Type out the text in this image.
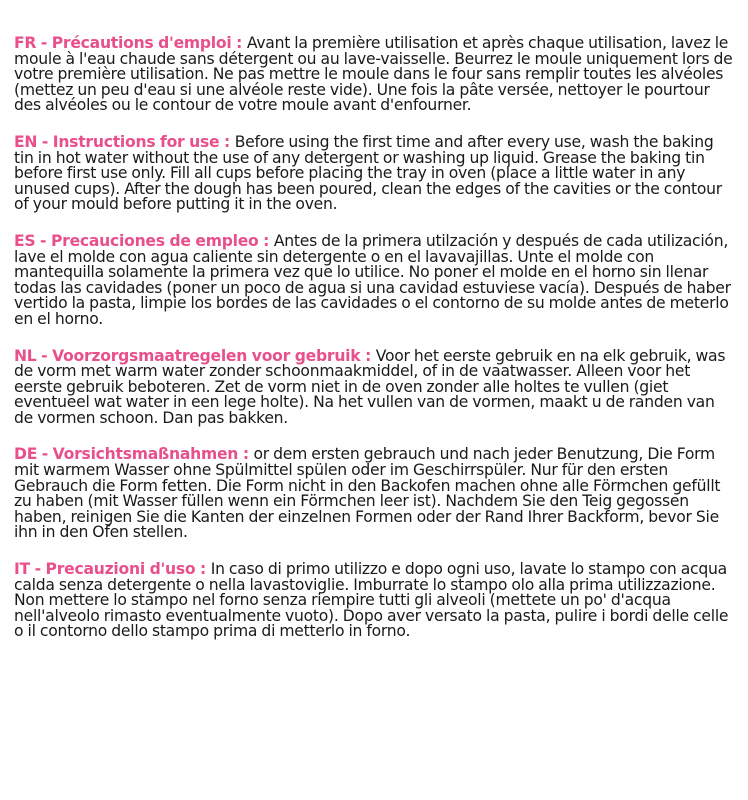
FR - Précautions d'emploi : Avant la première utilisation et après chaque utilisation, lavez le moule à l'eau chaude sans détergent ou au lave-vaisselle. Beurrez le moule uniquement lors de votre première utilisation. Ne pas mettre le moule dans le four sans remplir toutes les alvéoles (mettez un peu d'eau si une alvéole reste vide). Une fois la pâte versée, nettoyer le pourtour des alvéoles ou le contour de votre moule avant d'enfourner.

EN - Instructions for use : Before using the first time and after every use, wash the baking tin in hot water without the use of any detergent or washing up liquid. Grease the baking tin before first use only. Fill all cups before placing the tray in oven (place a little water in any unused cups). After the dough has been poured, clean the edges of the cavities or the contour of your mould before putting it in the oven.

ES - Precauciones de empleo : Antes de la primera utilzación y después de cada utilización, lave el molde con agua caliente sin detergente o en el lavavajillas. Unte el molde con mantequilla solamente la primera vez que lo utilice. No poner el molde en el horno sin llenar todas las cavidades (poner un poco de agua si una cavidad estuviese vacía). Después de haber vertido la pasta, limpie los bordes de las cavidades o el contorno de su molde antes de meterlo en el horno.

NL - Voorzorgsmaatregelen voor gebruik : Voor het eerste gebruik en na elk gebruik, was de vorm met warm water zonder schoonmaakmiddel, of in de vaatwasser. Alleen voor het eerste gebruik beboteren. Zet de vorm niet in de oven zonder alle holtes te vullen (giet eventueel wat water in een lege holte). Na het vullen van de vormen, maakt u de randen van de vormen schoon. Dan pas bakken.

DE - Vorsichtsmaßnahmen : or dem ersten gebrauch und nach jeder Benutzung, Die Form mit warmem Wasser ohne Spülmittel spülen oder im Geschirrspüler. Nur für den ersten Gebrauch die Form fetten. Die Form nicht in den Backofen machen ohne alle Förmchen gefüllt zu haben (mit Wasser füllen wenn ein Förmchen leer ist). Nachdem Sie den Teig gegossen haben, reinigen Sie die Kanten der einzelnen Formen oder der Rand Ihrer Backform, bevor Sie ihn in den Ofen stellen.

IT - Precauzioni d'uso : In caso di primo utilizzo e dopo ogni uso, lavate lo stampo con acqua calda senza detergente o nella lavastoviglie. Imburrate lo stampo olo alla prima utilizzazione. Non mettere lo stampo nel forno senza riempire tutti gli alveoli (mettete un po' d'acqua nell'alveolo rimasto eventualmente vuoto). Dopo aver versato la pasta, pulire i bordi delle celle o il contorno dello stampo prima di metterlo in forno.
